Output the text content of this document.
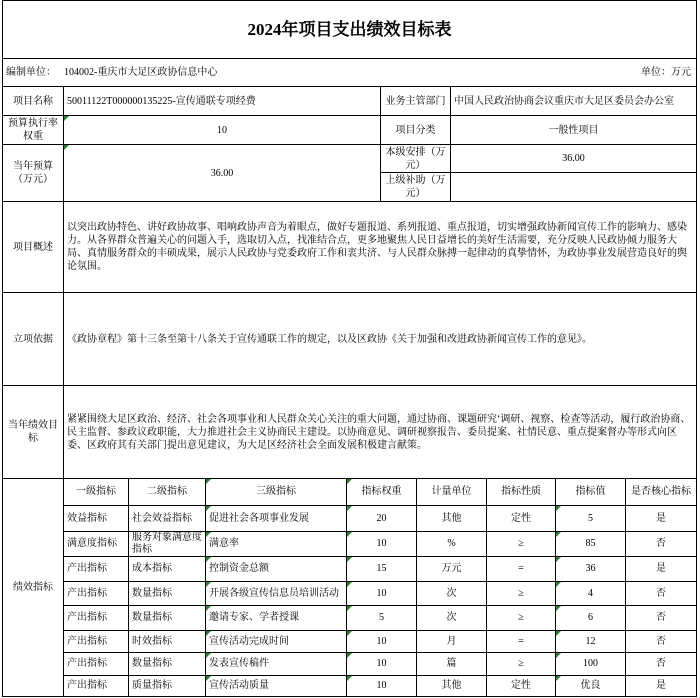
2024年项目支出绩效目标表			

编制单位： 104002-重庆市大足区政协信息中心 单位：万元			

项目名称	50011122T000000135225-宣传通联专项经费	业务主管部门	中国人民政治协商会议重庆市大足区委员会办公室
预算执行率权重	10	项目分类	一般性项目
当年预算（万元）	36.00	本级安排（万元）	36.00
		上级补助（万元）	
项目概述	以突出政协特色、讲好政协故事、唱响政协声音为着眼点，做好专题报道、系列报道、重点报道，切实增强政协新闻宣传工作的影响力、感染力。从各界群众普遍关心的问题入手，选取切入点，找准结合点，更多地聚焦人民日益增长的美好生活需要，充分反映人民政协倾力服务大局、真情服务群众的丰硕成果，展示人民政协与党委政府工作和衷共济、与人民群众脉搏一起律动的真挚情怀，为政协事业发展营造良好的舆论氛围。		
立项依据	《政协章程》第十三条至第十八条关于宣传通联工作的规定，以及区政协《关于加强和改进政协新闻宣传工作的意见》。		
当年绩效目标	紧紧围绕大足区政治、经济、社会各项事业和人民群众关心关注的重大问题，通过协商、课题研究‘调研、视察、检查等活动，履行政治协商、民主监督、参政议政职能，大力推进社会主义协商民主建设。以协商意见、调研视察报告、委员提案、社情民意、重点提案督办等形式向区委、区政府其有关部门提出意见建议，为大足区经济社会全面发展积极建言献策。		
绩效指标	一级指标	二级指标	三级指标	指标权重	计量单位	指标性质	指标值	是否核心指标
	效益指标	社会效益指标	促进社会各项事业发展	20	其他	定性	5	是
	满意度指标	服务对象满意度指标	满意率	10	%	≥	85	否
	产出指标	成本指标	控制资金总额	15	万元	=	36	是
	产出指标	数量指标	开展各级宣传信息员培训活动	10	次	≥	4	否
	产出指标	数量指标	邀请专家、学者授课	5	次	≥	6	否
	产出指标	时效指标	宣传活动完成时间	10	月	=	12	否
	产出指标	数量指标	发表宣传稿件	10	篇	≥	100	否
	产出指标	质量指标	宣传活动质量	10	其他	定性	优良	是
